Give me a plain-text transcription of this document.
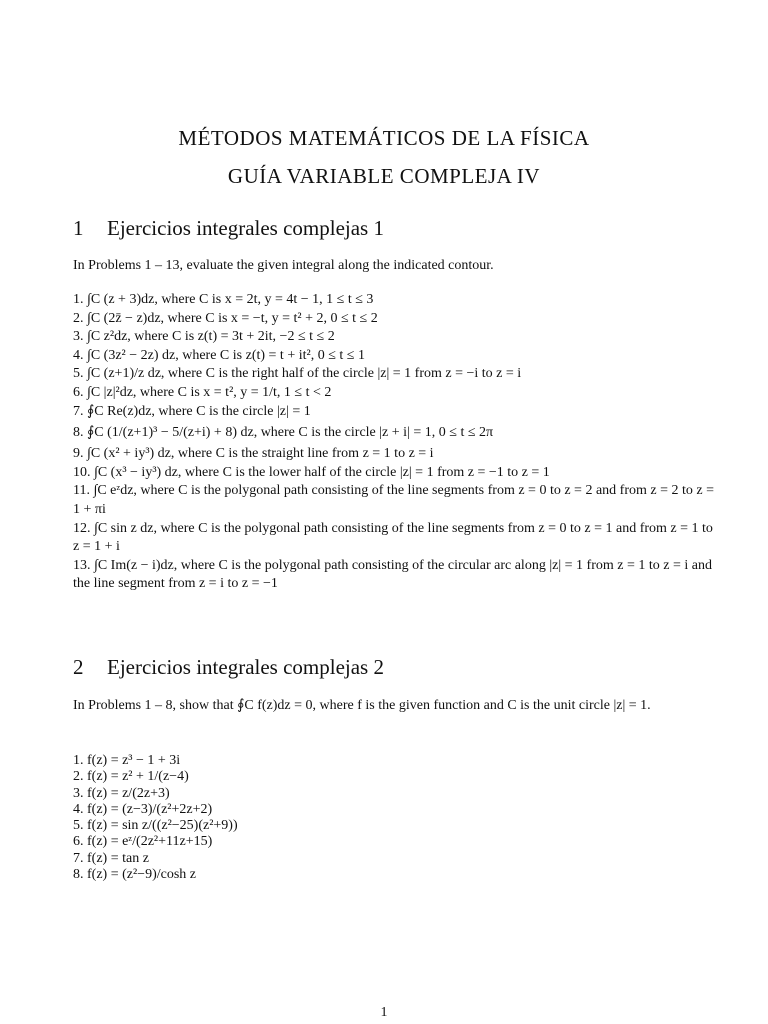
MÉTODOS MATEMÁTICOS DE LA FÍSICA
GUÍA VARIABLE COMPLEJA IV
1 Ejercicios integrales complejas 1
In Problems 1 – 13, evaluate the given integral along the indicated contour.
1. ∫C (z + 3)dz, where C is x = 2t, y = 4t − 1, 1 ≤ t ≤ 3
2. ∫C (2z̄ − z)dz, where C is x = −t, y = t² + 2, 0 ≤ t ≤ 2
3. ∫C z²dz, where C is z(t) = 3t + 2it, −2 ≤ t ≤ 2
4. ∫C (3z² − 2z) dz, where C is z(t) = t + it², 0 ≤ t ≤ 1
5. ∫C (z+1)/z dz, where C is the right half of the circle |z| = 1 from z = −i to z = i
6. ∫C |z|²dz, where C is x = t², y = 1/t, 1 ≤ t < 2
7. ∮C Re(z)dz, where C is the circle |z| = 1
8. ∮C (1/(z+1)³ − 5/(z+i) + 8) dz, where C is the circle |z + i| = 1, 0 ≤ t ≤ 2π
9. ∫C (x² + iy³) dz, where C is the straight line from z = 1 to z = i
10. ∫C (x³ − iy³) dz, where C is the lower half of the circle |z| = 1 from z = −1 to z = 1
11. ∫C eᶻdz, where C is the polygonal path consisting of the line segments from z = 0 to z = 2 and from z = 2 to z = 1 + πi
12. ∫C sin z dz, where C is the polygonal path consisting of the line segments from z = 0 to z = 1 and from z = 1 to z = 1 + i
13. ∫C Im(z − i)dz, where C is the polygonal path consisting of the circular arc along |z| = 1 from z = 1 to z = i and the line segment from z = i to z = −1
2 Ejercicios integrales complejas 2
In Problems 1 – 8, show that ∮C f(z)dz = 0, where f is the given function and C is the unit circle |z| = 1.
1. f(z) = z³ − 1 + 3i
2. f(z) = z² + 1/(z−4)
3. f(z) = z/(2z+3)
4. f(z) = (z−3)/(z²+2z+2)
5. f(z) = sin z/((z²−25)(z²+9))
6. f(z) = eᶻ/(2z²+11z+15)
7. f(z) = tan z
8. f(z) = (z²−9)/cosh z
1
